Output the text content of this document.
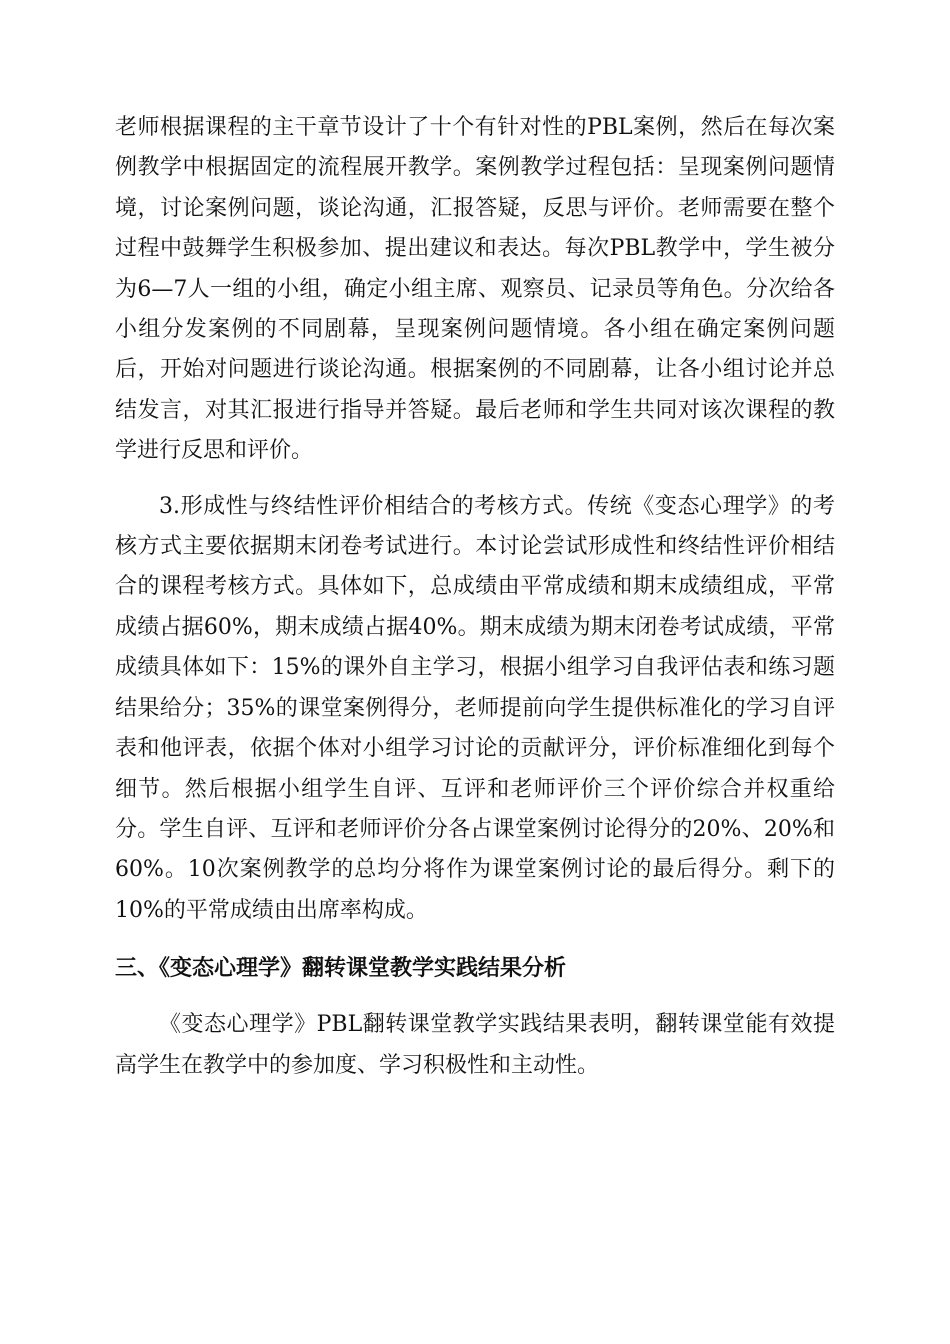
老师根据课程的主干章节设计了十个有针对性的PBL案例，然后在每次案例教学中根据固定的流程展开教学。案例教学过程包括：呈现案例问题情境，讨论案例问题，谈论沟通，汇报答疑，反思与评价。老师需要在整个过程中鼓舞学生积极参加、提出建议和表达。每次PBL教学中，学生被分为6—7人一组的小组，确定小组主席、观察员、记录员等角色。分次给各小组分发案例的不同剧幕，呈现案例问题情境。各小组在确定案例问题后，开始对问题进行谈论沟通。根据案例的不同剧幕，让各小组讨论并总结发言，对其汇报进行指导并答疑。最后老师和学生共同对该次课程的教学进行反思和评价。

3.形成性与终结性评价相结合的考核方式。传统《变态心理学》的考核方式主要依据期末闭卷考试进行。本讨论尝试形成性和终结性评价相结合的课程考核方式。具体如下，总成绩由平常成绩和期末成绩组成，平常成绩占据60%，期末成绩占据40%。期末成绩为期末闭卷考试成绩，平常成绩具体如下：15%的课外自主学习，根据小组学习自我评估表和练习题结果给分；35%的课堂案例得分，老师提前向学生提供标准化的学习自评表和他评表，依据个体对小组学习讨论的贡献评分，评价标准细化到每个细节。然后根据小组学生自评、互评和老师评价三个评价综合并权重给分。学生自评、互评和老师评价分各占课堂案例讨论得分的20%、20%和60%。10次案例教学的总均分将作为课堂案例讨论的最后得分。剩下的10%的平常成绩由出席率构成。

三、《变态心理学》翻转课堂教学实践结果分析

《变态心理学》PBL翻转课堂教学实践结果表明，翻转课堂能有效提高学生在教学中的参加度、学习积极性和主动性。
